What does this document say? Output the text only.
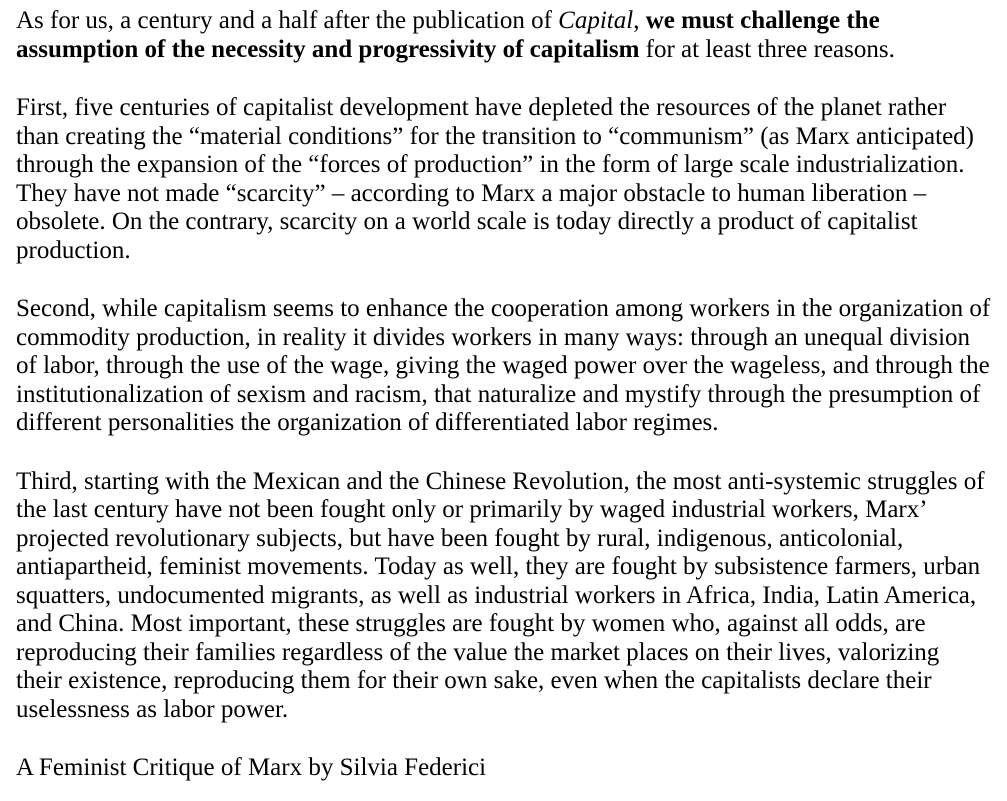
As for us, a century and a half after the publication of Capital, we must challenge the assumption of the necessity and progressivity of capitalism for at least three reasons.

First, five centuries of capitalist development have depleted the resources of the planet rather than creating the “material conditions” for the transition to “communism” (as Marx anticipated) through the expansion of the “forces of production” in the form of large scale industrialization. They have not made “scarcity” – according to Marx a major obstacle to human liberation – obsolete. On the contrary, scarcity on a world scale is today directly a product of capitalist production.

Second, while capitalism seems to enhance the cooperation among workers in the organization of commodity production, in reality it divides workers in many ways: through an unequal division of labor, through the use of the wage, giving the waged power over the wageless, and through the institutionalization of sexism and racism, that naturalize and mystify through the presumption of different personalities the organization of differentiated labor regimes.

Third, starting with the Mexican and the Chinese Revolution, the most anti-systemic struggles of the last century have not been fought only or primarily by waged industrial workers, Marx’ projected revolutionary subjects, but have been fought by rural, indigenous, anticolonial, antiapartheid, feminist movements. Today as well, they are fought by subsistence farmers, urban squatters, undocumented migrants, as well as industrial workers in Africa, India, Latin America, and China. Most important, these struggles are fought by women who, against all odds, are reproducing their families regardless of the value the market places on their lives, valorizing their existence, reproducing them for their own sake, even when the capitalists declare their uselessness as labor power.

A Feminist Critique of Marx by Silvia Federici
